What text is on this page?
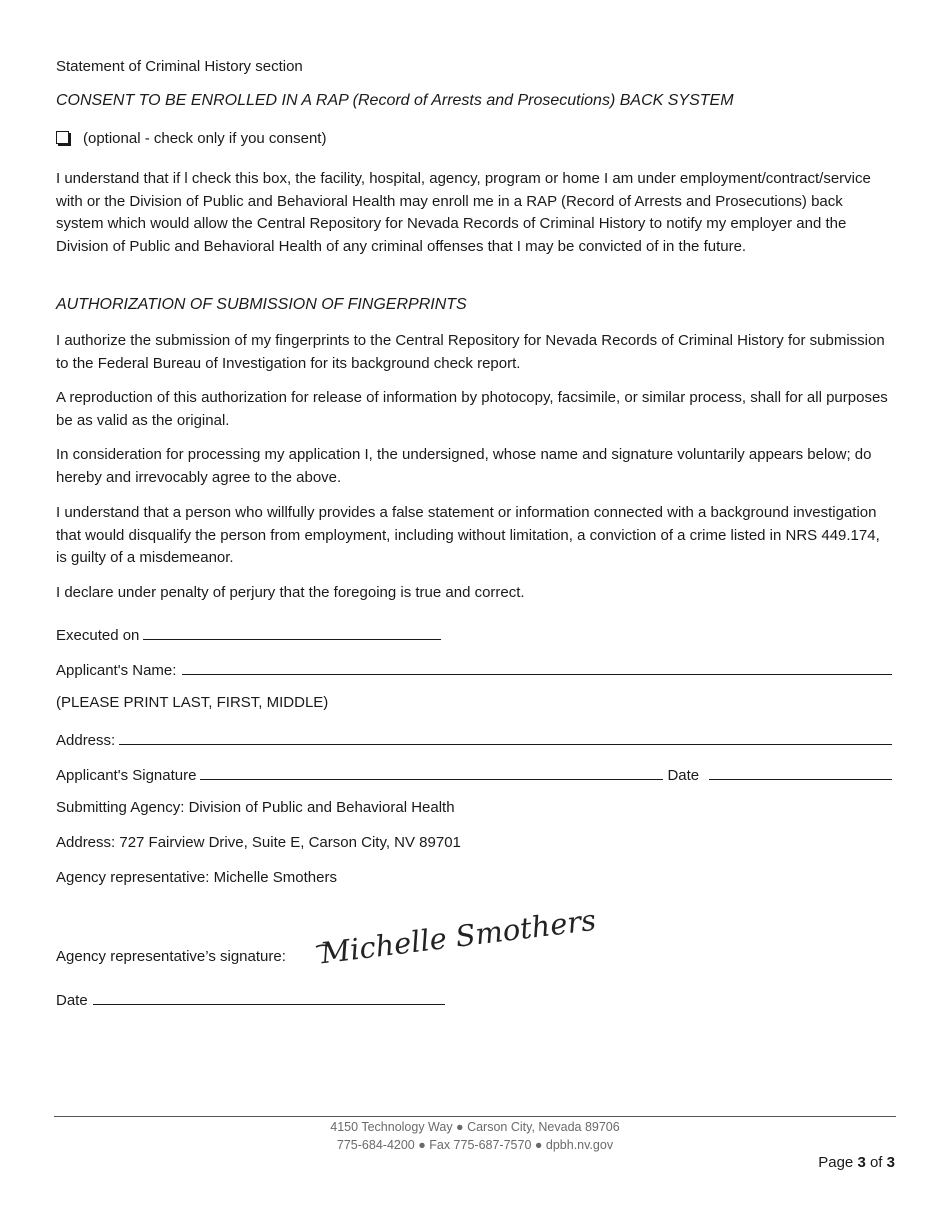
Statement of Criminal History section
CONSENT TO BE ENROLLED IN A RAP (Record of Arrests and Prosecutions) BACK SYSTEM
(optional - check only if you consent)
I understand that if l check this box, the facility, hospital, agency, program or home I am under employment/contract/service with or the Division of Public and Behavioral Health may enroll me in a RAP (Record of Arrests and Prosecutions) back system which would allow the Central Repository for Nevada Records of Criminal History to notify my employer and the Division of Public and Behavioral Health of any criminal offenses that I may be convicted of in the future.
AUTHORIZATION OF SUBMISSION OF FINGERPRINTS
I authorize the submission of my fingerprints to the Central Repository for Nevada Records of Criminal History for submission to the Federal Bureau of Investigation for its background check report.
A reproduction of this authorization for release of information by photocopy, facsimile, or similar process, shall for all purposes be as valid as the original.
In consideration for processing my application I, the undersigned, whose name and signature voluntarily appears below; do hereby and irrevocably agree to the above.
I understand that a person who willfully provides a false statement or information connected with a background investigation that would disqualify the person from employment, including without limitation, a conviction of a crime listed in NRS 449.174, is guilty of a misdemeanor.
I declare under penalty of perjury that the foregoing is true and correct.
Executed on
Applicant's Name:
(PLEASE PRINT LAST, FIRST, MIDDLE)
Address:
Applicant's Signature	Date
Submitting Agency: Division of Public and Behavioral Health
Address: 727 Fairview Drive, Suite E, Carson City, NV 89701
Agency representative: Michelle Smothers
Agency representative’s signature: Michelle Smothers
Date
4150 Technology Way ● Carson City, Nevada 89706
775-684-4200 ● Fax 775-687-7570 ● dpbh.nv.gov
Page 3 of 3
